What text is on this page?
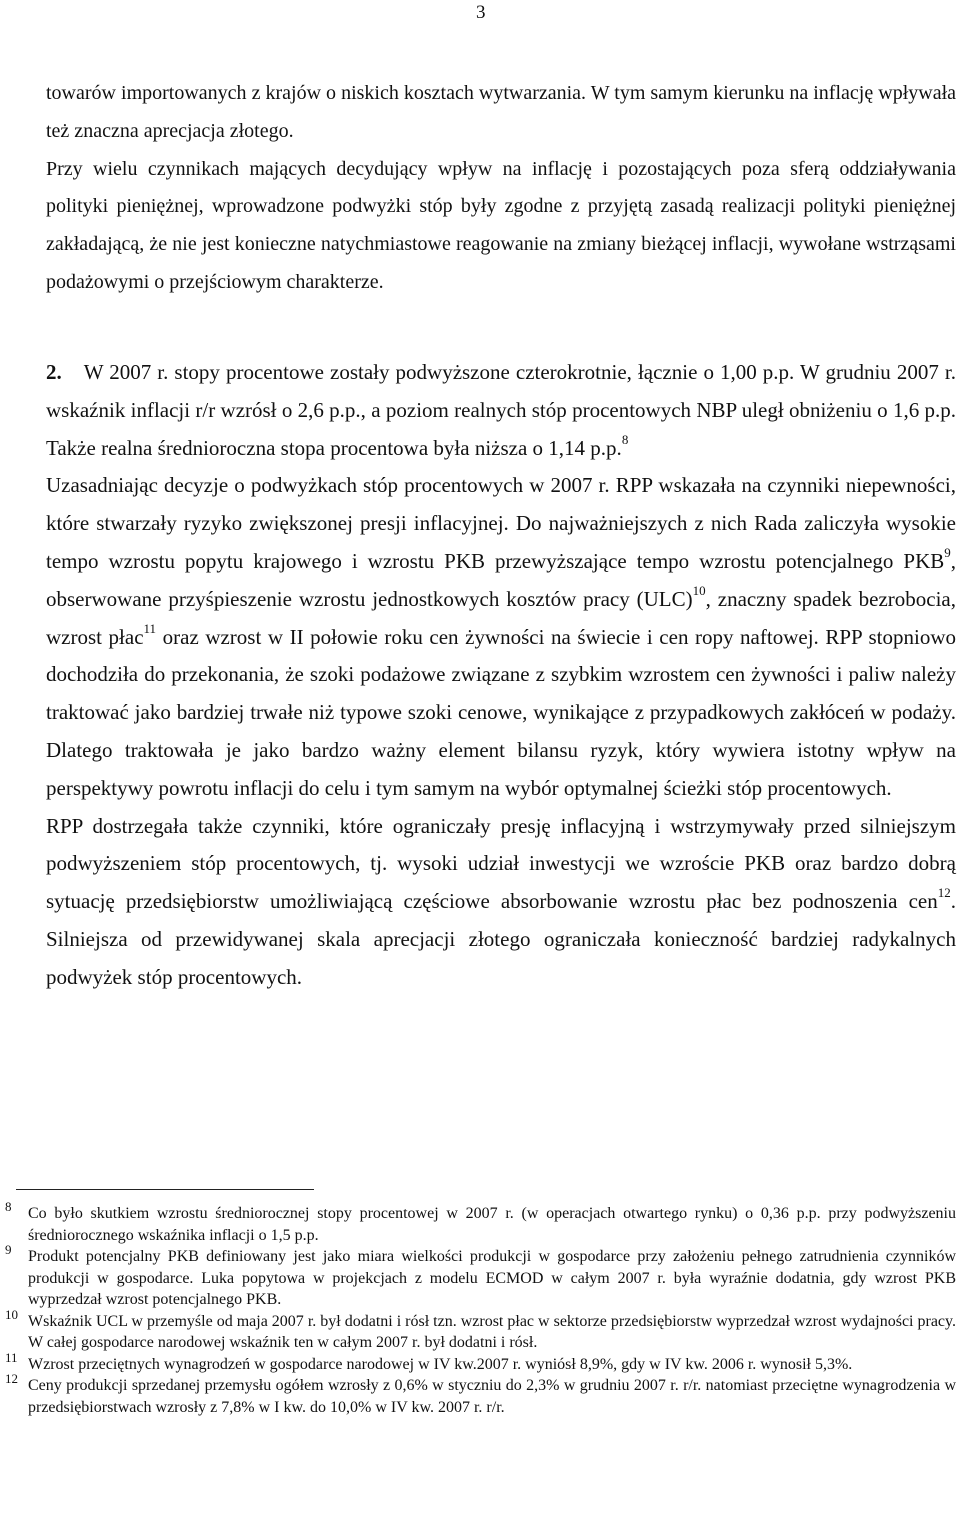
3

towarów importowanych z krajów o niskich kosztach wytwarzania. W tym samym kierunku na inflację wpływała też znaczna aprecjacja złotego.

Przy wielu czynnikach mających decydujący wpływ na inflację i pozostających poza sferą oddziaływania polityki pieniężnej, wprowadzone podwyżki stóp były zgodne z przyjętą zasadą realizacji polityki pieniężnej zakładającą, że nie jest konieczne natychmiastowe reagowanie na zmiany bieżącej inflacji, wywołane wstrząsami podażowymi o przejściowym charakterze.

2. W 2007 r. stopy procentowe zostały podwyższone czterokrotnie, łącznie o 1,00 p.p. W grudniu 2007 r. wskaźnik inflacji r/r wzrósł o 2,6 p.p., a poziom realnych stóp procentowych NBP uległ obniżeniu o 1,6 p.p. Także realna średnioroczna stopa procentowa była niższa o 1,14 p.p.$^8$

Uzasadniając decyzje o podwyżkach stóp procentowych w 2007 r. RPP wskazała na czynniki niepewności, które stwarzały ryzyko zwiększonej presji inflacyjnej. Do najważniejszych z nich Rada zaliczyła wysokie tempo wzrostu popytu krajowego i wzrostu PKB przewyższające tempo wzrostu potencjalnego PKB$^9$, obserwowane przyśpieszenie wzrostu jednostkowych kosztów pracy (ULC)$^{10}$, znaczny spadek bezrobocia, wzrost płac$^{11}$ oraz wzrost w II połowie roku cen żywności na świecie i cen ropy naftowej. RPP stopniowo dochodziła do przekonania, że szoki podażowe związane z szybkim wzrostem cen żywności i paliw należy traktować jako bardziej trwałe niż typowe szoki cenowe, wynikające z przypadkowych zakłóceń w podaży. Dlatego traktowała je jako bardzo ważny element bilansu ryzyk, który wywiera istotny wpływ na perspektywy powrotu inflacji do celu i tym samym na wybór optymalnej ścieżki stóp procentowych.

RPP dostrzegała także czynniki, które ograniczały presję inflacyjną i wstrzymywały przed silniejszym podwyższeniem stóp procentowych, tj. wysoki udział inwestycji we wzroście PKB oraz bardzo dobrą sytuację przedsiębiorstw umożliwiającą częściowe absorbowanie wzrostu płac bez podnoszenia cen$^{12}$. Silniejsza od przewidywanej skala aprecjacji złotego ograniczała konieczność bardziej radykalnych podwyżek stóp procentowych.

8 Co było skutkiem wzrostu średniorocznej stopy procentowej w 2007 r. (w operacjach otwartego rynku) o 0,36 p.p. przy podwyższeniu średniorocznego wskaźnika inflacji o 1,5 p.p.
9 Produkt potencjalny PKB definiowany jest jako miara wielkości produkcji w gospodarce przy założeniu pełnego zatrudnienia czynników produkcji w gospodarce. Luka popytowa w projekcjach z modelu ECMOD w całym 2007 r. była wyraźnie dodatnia, gdy wzrost PKB wyprzedzał wzrost potencjalnego PKB.
10 Wskaźnik UCL w przemyśle od maja 2007 r. był dodatni i rósł tzn. wzrost płac w sektorze przedsiębiorstw wyprzedzał wzrost wydajności pracy. W całej gospodarce narodowej wskaźnik ten w całym 2007 r. był dodatni i rósł.
11 Wzrost przeciętnych wynagrodzeń w gospodarce narodowej w IV kw.2007 r. wyniósł 8,9%, gdy w IV kw. 2006 r. wynosił 5,3%.
12 Ceny produkcji sprzedanej przemysłu ogółem wzrosły z 0,6% w styczniu do 2,3% w grudniu 2007 r. r/r. natomiast przeciętne wynagrodzenia w przedsiębiorstwach wzrosły z 7,8% w I kw. do 10,0% w IV kw. 2007 r. r/r.
